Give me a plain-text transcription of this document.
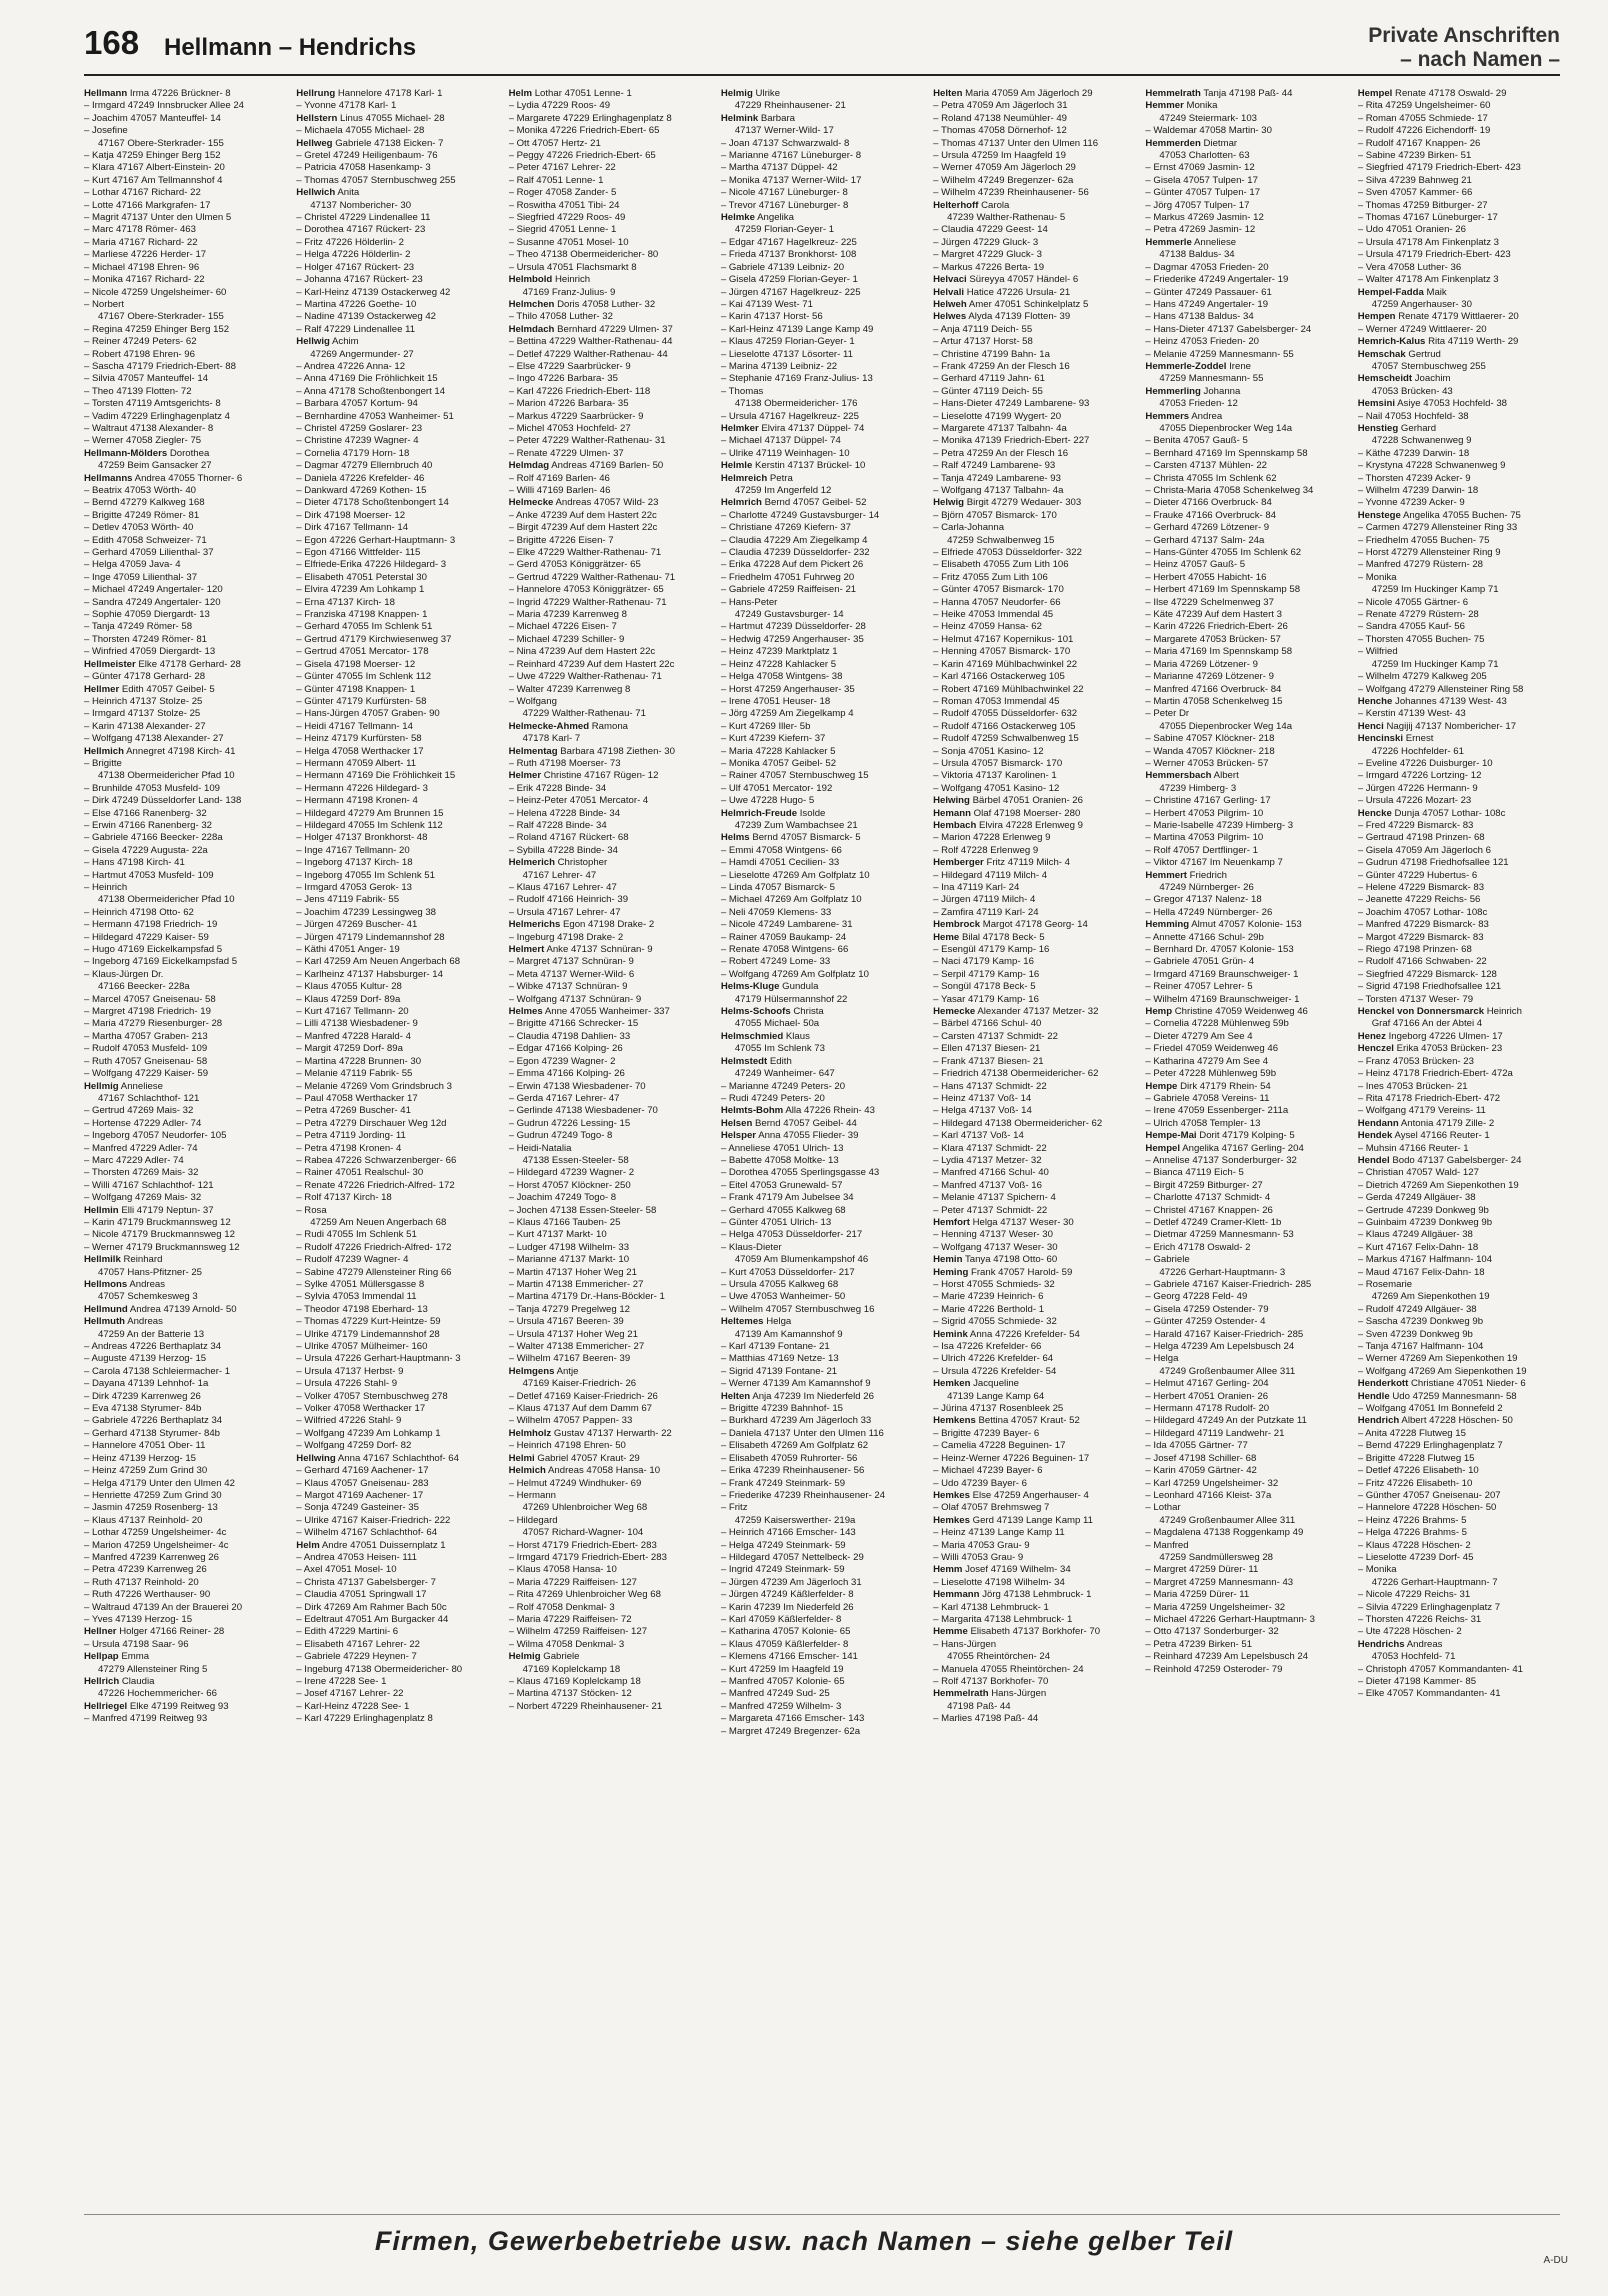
168 Hellmann – Hendrichs	Private Anschriften
– nach Namen –
Hellmann Irma 47226 Brückner- 8
– Irmgard 47249 Innsbrucker Allee 24
– Joachim 47057 Manteuffel- 14
– Josefine
47167 Obere-Sterkrader- 155
– Katja 47259 Ehinger Berg 152
– Klara 47167 Albert-Einstein- 20
– Kurt 47167 Am Tellmannshof 4
– Lothar 47167 Richard- 22
– Lotte 47166 Markgrafen- 17
– Magrit 47137 Unter den Ulmen 5
– Marc 47178 Römer- 463
– Maria 47167 Richard- 22
– Marliese 47226 Herder- 17
– Michael 47198 Ehren- 96
– Monika 47167 Richard- 22
– Nicole 47259 Ungelsheimer- 60
– Norbert
47167 Obere-Sterkrader- 155
– Regina 47259 Ehinger Berg 152
– Reiner 47249 Peters- 62
– Robert 47198 Ehren- 96
– Sascha 47179 Friedrich-Ebert- 88
– Silvia 47057 Manteuffel- 14
– Theo 47139 Flotten- 72
– Torsten 47119 Amtsgerichts- 8
– Vadim 47229 Erlinghagenplatz 4
– Waltraut 47138 Alexander- 8
– Werner 47058 Ziegler- 75
Hellmann-Mölders Dorothea
47259 Beim Gansacker 27
Hellmanns Andrea 47055 Thorner- 6
– Beatrix 47053 Wörth- 40
– Bernd 47279 Kalkweg 168
– Brigitte 47249 Römer- 81
– Detlev 47053 Wörth- 40
– Edith 47058 Schweizer- 71
– Gerhard 47059 Lilienthal- 37
– Helga 47059 Java- 4
– Inge 47059 Lilienthal- 37
– Michael 47249 Angertaler- 120
– Sandra 47249 Angertaler- 120
– Sophie 47059 Diergardt- 13
– Tanja 47249 Römer- 58
– Thorsten 47249 Römer- 81
– Winfried 47059 Diergardt- 13
Hellmeister Elke 47178 Gerhard- 28
– Günter 47178 Gerhard- 28
Hellmer Edith 47057 Geibel- 5
– Heinrich 47137 Stolze- 25
– Irmgard 47137 Stolze- 25
– Karin 47138 Alexander- 27
– Wolfgang 47138 Alexander- 27
Hellmich Annegret 47198 Kirch- 41
– Brigitte
47138 Obermeidericher Pfad 10
– Brunhilde 47053 Musfeld- 109
– Dirk 47249 Düsseldorfer Land- 138
– Else 47166 Ranenberg- 32
– Erwin 47166 Ranenberg- 32
– Gabriele 47166 Beecker- 228a
– Gisela 47229 Augusta- 22a
– Hans 47198 Kirch- 41
– Hartmut 47053 Musfeld- 109
– Heinrich
47138 Obermeidericher Pfad 10
– Heinrich 47198 Otto- 62
– Hermann 47198 Friedrich- 19
– Hildegard 47229 Kaiser- 59
– Hugo 47169 Eickelkampsfad 5
– Ingeborg 47169 Eickelkampsfad 5
– Klaus-Jürgen Dr.
47166 Beecker- 228a
– Marcel 47057 Gneisenau- 58
– Margret 47198 Friedrich- 19
– Maria 47279 Riesenburger- 28
– Martha 47057 Graben- 213
– Rudolf 47053 Musfeld- 109
– Ruth 47057 Gneisenau- 58
– Wolfgang 47229 Kaiser- 59
Hellmig Anneliese
47167 Schlachthof- 121
– Gertrud 47269 Mais- 32
– Hortense 47229 Adler- 74
– Ingeborg 47057 Neudorfer- 105
– Manfred 47229 Adler- 74
– Marc 47229 Adler- 74
– Thorsten 47269 Mais- 32
– Willi 47167 Schlachthof- 121
– Wolfgang 47269 Mais- 32
Hellmin Elli 47179 Neptun- 37
– Karin 47179 Bruckmannsweg 12
– Nicole 47179 Bruckmannsweg 12
– Werner 47179 Bruckmannsweg 12
Hellmilk Reinhard
47057 Hans-Pfitzner- 25
Hellmons Andreas
47057 Schemkesweg 3
Hellmund Andrea 47139 Arnold- 50
Hellmuth Andreas
47259 An der Batterie 13
– Andreas 47226 Berthaplatz 34
– Auguste 47139 Herzog- 15
– Carola 47138 Schleiermacher- 1
– Dayana 47139 Lehnhof- 1a
– Dirk 47239 Karrenweg 26
– Eva 47138 Styrumer- 84b
– Gabriele 47226 Berthaplatz 34
– Gerhard 47138 Styrumer- 84b
– Hannelore 47051 Ober- 11
– Heinz 47139 Herzog- 15
– Heinz 47259 Zum Grind 30
– Helga 47179 Unter den Ulmen 42
– Henriette 47259 Zum Grind 30
– Jasmin 47259 Rosenberg- 13
– Klaus 47137 Reinhold- 20
– Lothar 47259 Ungelsheimer- 4c
– Marion 47259 Ungelsheimer- 4c
– Manfred 47239 Karrenweg 26
– Petra 47239 Karrenweg 26
– Ruth 47137 Reinhold- 20
– Ruth 47226 Werthauser- 90
– Waltraud 47139 An der Brauerei 20
– Yves 47139 Herzog- 15
Hellner Holger 47166 Reiner- 28
– Ursula 47198 Saar- 96
Hellpap Emma
47279 Allensteiner Ring 5
Hellrich Claudia
47226 Hochemmericher- 66
Hellriegel Elke 47199 Reitweg 93
– Manfred 47199 Reitweg 93
Hellrung Hannelore 47178 Karl- 1
– Yvonne 47178 Karl- 1
Hellstern Linus 47055 Michael- 28
– Michaela 47055 Michael- 28
Hellweg Gabriele 47138 Eicken- 7
– Gretel 47249 Heiligenbaum- 76
– Patricia 47058 Hasenkamp- 3
– Thomas 47057 Sternbuschweg 255
Hellwich Anita
47137 Nombericher- 30
– Christel 47229 Lindenallee 11
– Dorothea 47167 Rückert- 23
– Fritz 47226 Hölderlin- 2
– Helga 47226 Hölderlin- 2
– Holger 47167 Rückert- 23
– Johanna 47167 Rückert- 23
– Karl-Heinz 47139 Ostackerweg 42
– Martina 47226 Goethe- 10
– Nadine 47139 Ostackerweg 42
– Ralf 47229 Lindenallee 11
Hellwig Achim
47269 Angermunder- 27
– Andrea 47226 Anna- 12
– Anna 47169 Die Fröhlichkeit 15
– Anna 47178 Schoßtenbongert 14
– Barbara 47057 Kortum- 94
– Bernhardine 47053 Wanheimer- 51
– Christel 47259 Goslarer- 23
– Christine 47239 Wagner- 4
– Cornelia 47179 Horn- 18
– Dagmar 47279 Ellernbruch 40
– Daniela 47226 Krefelder- 46
– Dankward 47269 Kothen- 15
– Dieter 47178 Schoßtenbongert 14
– Dirk 47198 Moerser- 12
– Dirk 47167 Tellmann- 14
– Egon 47226 Gerhart-Hauptmann- 3
– Egon 47166 Wittfelder- 115
– Elfriede-Erika 47226 Hildegard- 3
– Elisabeth 47051 Peterstal 30
– Elvira 47239 Am Lohkamp 1
– Erna 47137 Kirch- 18
– Franziska 47198 Knappen- 1
– Gerhard 47055 Im Schlenk 51
– Gertrud 47179 Kirchwiesenweg 37
– Gertrud 47051 Mercator- 178
– Gisela 47198 Moerser- 12
– Günter 47055 Im Schlenk 112
– Günter 47198 Knappen- 1
– Günter 47179 Kurfürsten- 58
– Hans-Jürgen 47057 Graben- 90
– Heidi 47167 Tellmann- 14
– Heinz 47179 Kurfürsten- 58
– Helga 47058 Werthacker 17
– Hermann 47059 Albert- 11
– Hermann 47169 Die Fröhlichkeit 15
– Hermann 47226 Hildegard- 3
– Hermann 47198 Kronen- 4
– Hildegard 47279 Am Brunnen 15
– Hildegard 47055 Im Schlenk 112
– Holger 47137 Bronkhorst- 48
– Inge 47167 Tellmann- 20
– Ingeborg 47137 Kirch- 18
– Ingeborg 47055 Im Schlenk 51
– Irmgard 47053 Gerok- 13
– Jens 47119 Fabrik- 55
– Joachim 47239 Lessingweg 38
– Jürgen 47269 Buscher- 41
– Jürgen 47179 Lindemannshof 28
– Käthi 47051 Anger- 19
– Karl 47259 Am Neuen Angerbach 68
– Karlheinz 47137 Habsburger- 14
– Klaus 47055 Kultur- 28
– Klaus 47259 Dorf- 89a
– Kurt 47167 Tellmann- 20
– Lilli 47138 Wiesbadener- 9
– Manfred 47228 Harald- 4
– Margit 47259 Dorf- 89a
– Martina 47228 Brunnen- 30
– Melanie 47119 Fabrik- 55
– Melanie 47269 Vom Grindsbruch 3
– Paul 47058 Werthacker 17
– Petra 47269 Buscher- 41
– Petra 47279 Dirschauer Weg 12d
– Petra 47119 Jording- 11
– Petra 47198 Kronen- 4
– Rabea 47226 Schwarzenberger- 66
– Rainer 47051 Realschul- 30
– Renate 47226 Friedrich-Alfred- 172
– Rolf 47137 Kirch- 18
– Rosa
47259 Am Neuen Angerbach 68
– Rudi 47055 Im Schlenk 51
– Rudolf 47226 Friedrich-Alfred- 172
– Rudolf 47239 Wagner- 4
– Sabine 47279 Allensteiner Ring 66
– Sylke 47051 Müllersgasse 8
– Sylvia 47053 Immendal 11
– Theodor 47198 Eberhard- 13
– Thomas 47229 Kurt-Heintze- 59
– Ulrike 47179 Lindemannshof 28
– Ulrike 47057 Mülheimer- 160
– Ursula 47226 Gerhart-Hauptmann- 3
– Ursula 47137 Herbst- 9
– Ursula 47226 Stahl- 9
– Volker 47057 Sternbuschweg 278
– Volker 47058 Werthacker 17
– Wilfried 47226 Stahl- 9
– Wolfgang 47239 Am Lohkamp 1
– Wolfgang 47259 Dorf- 82
Hellwing Anna 47167 Schlachthof- 64
– Gerhard 47169 Aachener- 17
– Klaus 47057 Gneisenau- 283
– Margot 47169 Aachener- 17
– Sonja 47249 Gasteiner- 35
– Ulrike 47167 Kaiser-Friedrich- 222
– Wilhelm 47167 Schlachthof- 64
Helm Andre 47051 Duissernplatz 1
– Andrea 47053 Heisen- 111
– Axel 47051 Mosel- 10
– Christa 47137 Gabelsberger- 7
– Claudia 47051 Springwall 17
– Dirk 47269 Am Rahmer Bach 50c
– Edeltraut 47051 Am Burgacker 44
– Edith 47229 Martini- 6
– Elisabeth 47167 Lehrer- 22
– Gabriele 47229 Heynen- 7
– Ingeburg 47138 Obermeidericher- 80
– Irene 47228 See- 1
– Josef 47167 Lehrer- 22
– Karl-Heinz 47228 See- 1
– Karl 47229 Erlinghagenplatz 8
Helm Lothar 47051 Lenne- 1
– Lydia 47229 Roos- 49
– Margarete 47229 Erlinghagenplatz 8
– Monika 47226 Friedrich-Ebert- 65
– Ott 47057 Hertz- 21
– Peggy 47226 Friedrich-Ebert- 65
– Peter 47167 Lehrer- 22
– Ralf 47051 Lenne- 1
– Roger 47058 Zander- 5
– Roswitha 47051 Tibi- 24
– Siegfried 47229 Roos- 49
– Siegrid 47051 Lenne- 1
– Susanne 47051 Mosel- 10
– Theo 47138 Obermeidericher- 80
– Ursula 47051 Flachsmarkt 8
Helmbold Heinrich
47169 Franz-Julius- 9
Helmchen Doris 47058 Luther- 32
– Thilo 47058 Luther- 32
Helmdach Bernhard 47229 Ulmen- 37
– Bettina 47229 Walther-Rathenau- 44
– Detlef 47229 Walther-Rathenau- 44
– Else 47229 Saarbrücker- 9
– Ingo 47226 Barbara- 35
– Karl 47226 Friedrich-Ebert- 118
– Marion 47226 Barbara- 35
– Markus 47229 Saarbrücker- 9
– Michel 47053 Hochfeld- 27
– Peter 47229 Walther-Rathenau- 31
– Renate 47229 Ulmen- 37
Helmdag Andreas 47169 Barlen- 50
– Rolf 47169 Barlen- 46
– Willi 47169 Barlen- 46
Helmecke Andreas 47057 Wild- 23
– Anke 47239 Auf dem Hastert 22c
– Birgit 47239 Auf dem Hastert 22c
– Brigitte 47226 Eisen- 7
– Elke 47229 Walther-Rathenau- 71
– Gerd 47053 Königgrätzer- 65
– Gertrud 47229 Walther-Rathenau- 71
– Hannelore 47053 Königgrätzer- 65
– Ingrid 47229 Walther-Rathenau- 71
– Maria 47239 Karrenweg 8
– Michael 47226 Eisen- 7
– Michael 47239 Schiller- 9
– Nina 47239 Auf dem Hastert 22c
– Reinhard 47239 Auf dem Hastert 22c
– Uwe 47229 Walther-Rathenau- 71
– Walter 47239 Karrenweg 8
– Wolfgang
47229 Walther-Rathenau- 71
Helmecke-Ahmed Ramona
47178 Karl- 7
Helmentag Barbara 47198 Ziethen- 30
– Ruth 47198 Moerser- 73
Helmer Christine 47167 Rügen- 12
– Erik 47228 Binde- 34
– Heinz-Peter 47051 Mercator- 4
– Helena 47228 Binde- 34
– Ralf 47228 Binde- 34
– Roland 47167 Rückert- 68
– Sybilla 47228 Binde- 34
Helmerich Christopher
47167 Lehrer- 47
– Klaus 47167 Lehrer- 47
– Rudolf 47166 Heinrich- 39
– Ursula 47167 Lehrer- 47
Helmerichs Egon 47198 Drake- 2
– Ingeburg 47198 Drake- 2
Helmert Anke 47137 Schnüran- 9
– Margret 47137 Schnüran- 9
– Meta 47137 Werner-Wild- 6
– Wibke 47137 Schnüran- 9
– Wolfgang 47137 Schnüran- 9
Helmes Anne 47055 Wanheimer- 337
– Brigitte 47166 Schrecker- 15
– Claudia 47198 Dahlien- 33
– Edgar 47166 Kolping- 26
– Egon 47239 Wagner- 2
– Emma 47166 Kolping- 26
– Erwin 47138 Wiesbadener- 70
– Gerda 47167 Lehrer- 47
– Gerlinde 47138 Wiesbadener- 70
– Gudrun 47226 Lessing- 15
– Gudrun 47249 Togo- 8
– Heidi-Natalia
47138 Essen-Steeler- 58
– Hildegard 47239 Wagner- 2
– Horst 47057 Klöckner- 250
– Joachim 47249 Togo- 8
– Jochen 47138 Essen-Steeler- 58
– Klaus 47166 Tauben- 25
– Kurt 47137 Markt- 10
– Ludger 47198 Wilhelm- 33
– Marianne 47137 Markt- 10
– Martin 47137 Hoher Weg 21
– Martin 47138 Emmericher- 27
– Martina 47179 Dr.-Hans-Böckler- 1
– Tanja 47279 Pregelweg 12
– Ursula 47167 Beeren- 39
– Ursula 47137 Hoher Weg 21
– Walter 47138 Emmericher- 27
– Wilhelm 47167 Beeren- 39
Helmgens Antje
47169 Kaiser-Friedrich- 26
– Detlef 47169 Kaiser-Friedrich- 26
– Klaus 47137 Auf dem Damm 67
– Wilhelm 47057 Pappen- 33
Helmholz Gustav 47137 Herwarth- 22
– Heinrich 47198 Ehren- 50
Helmi Gabriel 47057 Kraut- 29
Helmich Andreas 47058 Hansa- 10
– Helmut 47249 Windhuker- 69
– Hermann
47269 Uhlenbroicher Weg 68
– Hildegard
47057 Richard-Wagner- 104
– Horst 47179 Friedrich-Ebert- 283
– Irmgard 47179 Friedrich-Ebert- 283
– Klaus 47058 Hansa- 10
– Maria 47229 Raiffeisen- 127
– Rita 47269 Uhlenbroicher Weg 68
– Rolf 47058 Denkmal- 3
– Maria 47229 Raiffeisen- 72
– Wilhelm 47259 Raiffeisen- 127
– Wilma 47058 Denkmal- 3
Helmig Gabriele
47169 Koplelckamp 18
– Klaus 47169 Koplelckamp 18
– Martina 47137 Stöcken- 12
– Norbert 47229 Rheinhausener- 21
Helmig Ulrike
47229 Rheinhausener- 21
Helmink Barbara
47137 Werner-Wild- 17
– Joan 47137 Schwarzwald- 8
– Marianne 47167 Lüneburger- 8
– Martha 47137 Düppel- 42
– Monika 47137 Werner-Wild- 17
– Nicole 47167 Lüneburger- 8
– Trevor 47167 Lüneburger- 8
Helmke Angelika
47259 Florian-Geyer- 1
– Edgar 47167 Hagelkreuz- 225
– Frieda 47137 Bronkhorst- 108
– Gabriele 47139 Leibniz- 20
– Gisela 47259 Florian-Geyer- 1
– Jürgen 47167 Hagelkreuz- 225
– Kai 47139 West- 71
– Karin 47137 Horst- 56
– Karl-Heinz 47139 Lange Kamp 49
– Klaus 47259 Florian-Geyer- 1
– Lieselotte 47137 Lösorter- 11
– Marina 47139 Leibniz- 22
– Stephanie 47169 Franz-Julius- 13
– Thomas
47138 Obermeidericher- 176
– Ursula 47167 Hagelkreuz- 225
Helmker Elvira 47137 Düppel- 74
– Michael 47137 Düppel- 74
– Ulrike 47119 Weinhagen- 10
Helmle Kerstin 47137 Brückel- 10
Helmreich Petra
47259 Im Angerfeld 12
Helmrich Bernd 47057 Geibel- 52
– Charlotte 47249 Gustavsburger- 14
– Christiane 47269 Kiefern- 37
– Claudia 47229 Am Ziegelkamp 4
– Claudia 47239 Düsseldorfer- 232
– Erika 47228 Auf dem Pickert 26
– Friedhelm 47051 Fuhrweg 20
– Gabriele 47259 Raiffeisen- 21
– Hans-Peter
47249 Gustavsburger- 14
– Hartmut 47239 Düsseldorfer- 28
– Hedwig 47259 Angerhauser- 35
– Heinz 47239 Marktplatz 1
– Heinz 47228 Kahlacker 5
– Helga 47058 Wintgens- 38
– Horst 47259 Angerhauser- 35
– Irene 47051 Heuser- 18
– Jörg 47259 Am Ziegelkamp 4
– Kurt 47269 Iller- 5b
– Kurt 47239 Kiefern- 37
– Maria 47228 Kahlacker 5
– Monika 47057 Geibel- 52
– Rainer 47057 Sternbuschweg 15
– Ulf 47051 Mercator- 192
– Uwe 47228 Hugo- 5
Helmrich-Freude Isolde
47239 Zum Wambachsee 21
Helms Bernd 47057 Bismarck- 5
– Emmi 47058 Wintgens- 66
– Hamdi 47051 Cecilien- 33
– Lieselotte 47269 Am Golfplatz 10
– Linda 47057 Bismarck- 5
– Michael 47269 Am Golfplatz 10
– Neli 47059 Klemens- 33
– Nicole 47249 Lambarene- 31
– Rainer 47059 Baukamp- 24
– Renate 47058 Wintgens- 66
– Robert 47249 Lome- 33
– Wolfgang 47269 Am Golfplatz 10
Helms-Kluge Gundula
47179 Hülsermannshof 22
Helms-Schoofs Christa
47055 Michael- 50a
Helmschmied Klaus
47055 Im Schlenk 73
Helmstedt Edith
47249 Wanheimer- 647
– Marianne 47249 Peters- 20
– Rudi 47249 Peters- 20
Helmts-Bohm Alla 47226 Rhein- 43
Helsen Bernd 47057 Geibel- 44
Helsper Anna 47055 Flieder- 39
– Anneliese 47051 Ulrich- 13
– Babette 47058 Moltke- 13
– Dorothea 47055 Sperlingsgasse 43
– Eitel 47053 Grunewald- 57
– Frank 47179 Am Jubelsee 34
– Gerhard 47055 Kalkweg 68
– Günter 47051 Ulrich- 13
– Helga 47053 Düsseldorfer- 217
– Klaus-Dieter
47059 Am Blumenkampshof 46
– Kurt 47053 Düsseldorfer- 217
– Ursula 47055 Kalkweg 68
– Uwe 47053 Wanheimer- 50
– Wilhelm 47057 Sternbuschweg 16
Heltemes Helga
47139 Am Kamannshof 9
– Karl 47139 Fontane- 21
– Matthias 47169 Netze- 13
– Sigrid 47139 Fontane- 21
– Werner 47139 Am Kamannshof 9
Helten Anja 47239 Im Niederfeld 26
– Brigitte 47239 Bahnhof- 15
– Burkhard 47239 Am Jägerloch 33
– Daniela 47137 Unter den Ulmen 116
– Elisabeth 47269 Am Golfplatz 62
– Elisabeth 47059 Ruhrorter- 56
– Erika 47239 Rheinhausener- 56
– Frank 47249 Steinmark- 59
– Friederike 47239 Rheinhausener- 24
– Fritz
47259 Kaiserswerther- 219a
– Heinrich 47166 Emscher- 143
– Helga 47249 Steinmark- 59
– Hildegard 47057 Nettelbeck- 29
– Ingrid 47249 Steinmark- 59
– Jürgen 47239 Am Jägerloch 31
– Jürgen 47249 Käßlerfelder- 8
– Karin 47239 Im Niederfeld 26
– Karl 47059 Käßlerfelder- 8
– Katharina 47057 Kolonie- 65
– Klaus 47059 Käßlerfelder- 8
– Klemens 47166 Emscher- 141
– Kurt 47259 Im Haagfeld 19
– Manfred 47057 Kolonie- 65
– Manfred 47249 Sud- 25
– Manfred 47259 Wilhelm- 3
– Margareta 47166 Emscher- 143
– Margret 47249 Bregenzer- 62a
Helten Maria 47059 Am Jägerloch 29
– Petra 47059 Am Jägerloch 31
– Roland 47138 Neumühler- 49
– Thomas 47058 Dörnerhof- 12
– Thomas 47137 Unter den Ulmen 116
– Ursula 47259 Im Haagfeld 19
– Werner 47059 Am Jägerloch 29
– Wilhelm 47249 Bregenzer- 62a
– Wilhelm 47239 Rheinhausener- 56
Helterhoff Carola
47239 Walther-Rathenau- 5
– Claudia 47229 Geest- 14
– Jürgen 47229 Gluck- 3
– Margret 47229 Gluck- 3
– Markus 47226 Berta- 19
Helvaci Süreyya 47057 Händel- 6
Helvali Hatice 47226 Ursula- 21
Helweh Amer 47051 Schinkelplatz 5
Helwes Alyda 47139 Flotten- 39
– Anja 47119 Deich- 55
– Artur 47137 Horst- 58
– Christine 47199 Bahn- 1a
– Frank 47259 An der Flesch 16
– Gerhard 47119 Jahn- 61
– Günter 47119 Deich- 55
– Hans-Dieter 47249 Lambarene- 93
– Lieselotte 47199 Wygert- 20
– Margarete 47137 Talbahn- 4a
– Monika 47139 Friedrich-Ebert- 227
– Petra 47259 An der Flesch 16
– Ralf 47249 Lambarene- 93
– Tanja 47249 Lambarene- 93
– Wolfgang 47137 Talbahn- 4a
Helwig Birgit 47279 Wedauer- 303
– Björn 47057 Bismarck- 170
– Carla-Johanna
47259 Schwalbenweg 15
– Elfriede 47053 Düsseldorfer- 322
– Elisabeth 47055 Zum Lith 106
– Fritz 47055 Zum Lith 106
– Günter 47057 Bismarck- 170
– Hanna 47057 Neudorfer- 66
– Heike 47053 Immendal 45
– Heinz 47059 Hansa- 62
– Helmut 47167 Kopernikus- 101
– Henning 47057 Bismarck- 170
– Karin 47169 Mühlbachwinkel 22
– Karl 47166 Ostackerweg 105
– Robert 47169 Mühlbachwinkel 22
– Roman 47053 Immendal 45
– Rudolf 47055 Düsseldorfer- 632
– Rudolf 47166 Ostackerweg 105
– Rudolf 47259 Schwalbenweg 15
– Sonja 47051 Kasino- 12
– Ursula 47057 Bismarck- 170
– Viktoria 47137 Karolinen- 1
– Wolfgang 47051 Kasino- 12
Helwing Bärbel 47051 Oranien- 26
Hemann Olaf 47198 Moerser- 280
Hembach Elvira 47228 Erlenweg 9
– Marion 47228 Erlenweg 9
– Rolf 47228 Erlenweg 9
Hemberger Fritz 47119 Milch- 4
– Hildegard 47119 Milch- 4
– Ina 47119 Karl- 24
– Jürgen 47119 Milch- 4
– Zamfira 47119 Karl- 24
Hembrock Margot 47178 Georg- 14
Heme Bilal 47178 Beck- 5
– Esengül 47179 Kamp- 16
– Naci 47179 Kamp- 16
– Serpil 47179 Kamp- 16
– Songül 47178 Beck- 5
– Yasar 47179 Kamp- 16
Hemecke Alexander 47137 Metzer- 32
– Bärbel 47166 Schul- 40
– Carsten 47137 Schmidt- 22
– Ellen 47137 Biesen- 21
– Frank 47137 Biesen- 21
– Friedrich 47138 Obermeidericher- 62
– Hans 47137 Schmidt- 22
– Heinz 47137 Voß- 14
– Helga 47137 Voß- 14
– Hildegard 47138 Obermeidericher- 62
– Karl 47137 Voß- 14
– Klara 47137 Schmidt- 22
– Lydia 47137 Metzer- 32
– Manfred 47166 Schul- 40
– Manfred 47137 Voß- 16
– Melanie 47137 Spichern- 4
– Peter 47137 Schmidt- 22
Hemfort Helga 47137 Weser- 30
– Henning 47137 Weser- 30
– Wolfgang 47137 Weser- 30
Hemin Tanya 47198 Otto- 60
Heming Frank 47057 Harold- 59
– Horst 47055 Schmieds- 32
– Marie 47239 Heinrich- 6
– Marie 47226 Berthold- 1
– Sigrid 47055 Schmiede- 32
Hemink Anna 47226 Krefelder- 54
– Isa 47226 Krefelder- 66
– Ulrich 47226 Krefelder- 64
– Ursula 47226 Krefelder- 54
Hemken Jacqueline
47139 Lange Kamp 64
– Jürina 47137 Rosenbleek 25
Hemkens Bettina 47057 Kraut- 52
– Brigitte 47239 Bayer- 6
– Camelia 47228 Beguinen- 17
– Heinz-Werner 47226 Beguinen- 17
– Michael 47239 Bayer- 6
– Udo 47239 Bayer- 6
Hemkes Else 47259 Angerhauser- 4
– Olaf 47057 Brehmsweg 7
Hemkes Gerd 47139 Lange Kamp 11
– Heinz 47139 Lange Kamp 11
– Maria 47053 Grau- 9
– Willi 47053 Grau- 9
Hemm Josef 47169 Wilhelm- 34
– Lieselotte 47198 Wilhelm- 34
Hemmann Jörg 47138 Lehmbruck- 1
– Karl 47138 Lehmbruck- 1
– Margarita 47138 Lehmbruck- 1
Hemme Elisabeth 47137 Borkhofer- 70
– Hans-Jürgen
47055 Rheintörchen- 24
– Manuela 47055 Rheintörchen- 24
– Rolf 47137 Borkhofer- 70
Hemmelrath Hans-Jürgen
47198 Paß- 44
– Marlies 47198 Paß- 44
Hemmelrath Tanja 47198 Paß- 44
Hemmer Monika
47249 Steiermark- 103
– Waldemar 47058 Martin- 30
Hemmerden Dietmar
47053 Charlotten- 63
– Ernst 47069 Jasmin- 12
– Gisela 47057 Tulpen- 17
– Günter 47057 Tulpen- 17
– Jörg 47057 Tulpen- 17
– Markus 47269 Jasmin- 12
– Petra 47269 Jasmin- 12
Hemmerle Anneliese
47138 Baldus- 34
– Dagmar 47053 Frieden- 20
– Friederike 47249 Angertaler- 19
– Günter 47249 Passauer- 61
– Hans 47249 Angertaler- 19
– Hans 47138 Baldus- 34
– Hans-Dieter 47137 Gabelsberger- 24
– Heinz 47053 Frieden- 20
– Melanie 47259 Mannesmann- 55
Hemmerle-Zoddel Irene
47259 Mannesmann- 55
Hemmerling Johanna
47053 Frieden- 12
Hemmers Andrea
47055 Diepenbrocker Weg 14a
– Benita 47057 Gauß- 5
– Bernhard 47169 Im Spennskamp 58
– Carsten 47137 Mühlen- 22
– Christa 47055 Im Schlenk 62
– Christa-Maria 47058 Schenkelweg 34
– Dieter 47166 Overbruck- 84
– Frauke 47166 Overbruck- 84
– Gerhard 47269 Lötzener- 9
– Gerhard 47137 Salm- 24a
– Hans-Günter 47055 Im Schlenk 62
– Heinz 47057 Gauß- 5
– Herbert 47055 Habicht- 16
– Herbert 47169 Im Spennskamp 58
– Ilse 47229 Schelmenweg 37
– Käte 47239 Auf dem Hastert 3
– Karin 47226 Friedrich-Ebert- 26
– Margarete 47053 Brücken- 57
– Maria 47169 Im Spennskamp 58
– Maria 47269 Lötzener- 9
– Marianne 47269 Lötzener- 9
– Manfred 47166 Overbruck- 84
– Martin 47058 Schenkelweg 15
– Peter Dr
47055 Diepenbrocker Weg 14a
– Sabine 47057 Klöckner- 218
– Wanda 47057 Klöckner- 218
– Werner 47053 Brücken- 57
Hemmersbach Albert
47239 Himberg- 3
– Christine 47167 Gerling- 17
– Herbert 47053 Pilgrim- 10
– Marie-Isabelle 47239 Himberg- 3
– Martina 47053 Pilgrim- 10
– Rolf 47057 Dertflinger- 1
– Viktor 47167 Im Neuenkamp 7
Hemmert Friedrich
47249 Nürnberger- 26
– Gregor 47137 Nalenz- 18
– Hella 47249 Nürnberger- 26
Hemming Almut 47057 Kolonie- 153
– Annette 47166 Schul- 29b
– Bernhard Dr. 47057 Kolonie- 153
– Gabriele 47051 Grün- 4
– Irmgard 47169 Braunschweiger- 1
– Reiner 47057 Lehrer- 5
– Wilhelm 47169 Braunschweiger- 1
Hemp Christine 47059 Weidenweg 46
– Cornelia 47228 Mühlenweg 59b
– Dieter 47279 Am See 4
– Friedel 47059 Weidenweg 46
– Katharina 47279 Am See 4
– Peter 47228 Mühlenweg 59b
Hempe Dirk 47179 Rhein- 54
– Gabriele 47058 Vereins- 11
– Irene 47059 Essenberger- 211a
– Ulrich 47058 Templer- 13
Hempe-Mai Dorit 47179 Kolping- 5
Hempel Angelika 47167 Gerling- 204
– Annelise 47137 Sonderburger- 32
– Bianca 47119 Eich- 5
– Birgit 47259 Bitburger- 27
– Charlotte 47137 Schmidt- 4
– Christel 47167 Knappen- 26
– Detlef 47249 Cramer-Klett- 1b
– Dietmar 47259 Mannesmann- 53
– Erich 47178 Oswald- 2
– Gabriele
47226 Gerhart-Hauptmann- 3
– Gabriele 47167 Kaiser-Friedrich- 285
– Georg 47228 Feld- 49
– Gisela 47259 Ostender- 79
– Günter 47259 Ostender- 4
– Harald 47167 Kaiser-Friedrich- 285
– Helga 47239 Am Lepelsbusch 24
– Helga
47249 Großenbaumer Allee 311
– Helmut 47167 Gerling- 204
– Herbert 47051 Oranien- 26
– Hermann 47178 Rudolf- 20
– Hildegard 47249 An der Putzkate 11
– Hildegard 47119 Landwehr- 21
– Ida 47055 Gärtner- 77
– Josef 47198 Schiller- 68
– Karin 47059 Gärtner- 42
– Karl 47259 Ungelsheimer- 32
– Leonhard 47166 Kleist- 37a
– Lothar
47249 Großenbaumer Allee 311
– Magdalena 47138 Roggenkamp 49
– Manfred
47259 Sandmüllersweg 28
– Margret 47259 Dürer- 11
– Margret 47259 Mannesmann- 43
– Maria 47259 Dürer- 11
– Maria 47259 Ungelsheimer- 32
– Michael 47226 Gerhart-Hauptmann- 3
– Otto 47137 Sonderburger- 32
– Petra 47239 Birken- 51
– Reinhard 47239 Am Lepelsbusch 24
– Reinhold 47259 Osteroder- 79
Hempel Renate 47178 Oswald- 29
– Rita 47259 Ungelsheimer- 60
– Roman 47055 Schmiede- 17
– Rudolf 47226 Eichendorff- 19
– Rudolf 47167 Knappen- 26
– Sabine 47239 Birken- 51
– Siegfried 47179 Friedrich-Ebert- 423
– Silva 47239 Bahnweg 21
– Sven 47057 Kammer- 66
– Thomas 47259 Bitburger- 27
– Thomas 47167 Lüneburger- 17
– Udo 47051 Oranien- 26
– Ursula 47178 Am Finkenplatz 3
– Ursula 47179 Friedrich-Ebert- 423
– Vera 47058 Luther- 36
– Walter 47178 Am Finkenplatz 3
Hempel-Fadda Maik
47259 Angerhauser- 30
Hempen Renate 47179 Wittlaerer- 20
– Werner 47249 Wittlaerer- 20
Hemrich-Kalus Rita 47119 Werth- 29
Hemschak Gertrud
47057 Sternbuschweg 255
Hemscheidt Joachim
47053 Brücken- 43
Hemsini Asiye 47053 Hochfeld- 38
– Nail 47053 Hochfeld- 38
Henstieg Gerhard
47228 Schwanenweg 9
– Käthe 47239 Darwin- 18
– Krystyna 47228 Schwanenweg 9
– Thorsten 47239 Acker- 9
– Wilhelm 47239 Darwin- 18
– Yvonne 47239 Acker- 9
Henstege Angelika 47055 Buchen- 75
– Carmen 47279 Allensteiner Ring 33
– Friedhelm 47055 Buchen- 75
– Horst 47279 Allensteiner Ring 9
– Manfred 47279 Rüstern- 28
– Monika
47259 Im Huckinger Kamp 71
– Nicole 47055 Gärtner- 6
– Renate 47279 Rüstern- 28
– Sandra 47055 Kauf- 56
– Thorsten 47055 Buchen- 75
– Wilfried
47259 Im Huckinger Kamp 71
– Wilhelm 47279 Kalkweg 205
– Wolfgang 47279 Allensteiner Ring 58
Henche Johannes 47139 West- 43
– Kerstin 47139 West- 43
Henci Nagijij 47137 Nombericher- 17
Hencinski Ernest
47226 Hochfelder- 61
– Eveline 47226 Duisburger- 10
– Irmgard 47226 Lortzing- 12
– Jürgen 47226 Hermann- 9
– Ursula 47226 Mozart- 23
Hencke Dunja 47057 Lothar- 108c
– Fred 47229 Bismarck- 83
– Gertraud 47198 Prinzen- 68
– Gisela 47059 Am Jägerloch 6
– Gudrun 47198 Friedhofsallee 121
– Günter 47229 Hubertus- 6
– Helene 47229 Bismarck- 83
– Jeanette 47229 Reichs- 56
– Joachim 47057 Lothar- 108c
– Manfred 47229 Bismarck- 83
– Margot 47229 Bismarck- 83
– Riego 47198 Prinzen- 68
– Rudolf 47166 Schwaben- 22
– Siegfried 47229 Bismarck- 128
– Sigrid 47198 Friedhofsallee 121
– Torsten 47137 Weser- 79
Henckel von Donnersmarck Heinrich
Graf 47166 An der Abtei 4
Henez Ingeborg 47226 Ulmen- 17
Henczel Erika 47053 Brücken- 23
– Franz 47053 Brücken- 23
– Heinz 47178 Friedrich-Ebert- 472a
– Ines 47053 Brücken- 21
– Rita 47178 Friedrich-Ebert- 472
– Wolfgang 47179 Vereins- 11
Hendann Antonia 47179 Zille- 2
Hendek Aysel 47166 Reuter- 1
– Muhsin 47166 Reuter- 1
Hendel Bodo 47137 Gabelsberger- 24
– Christian 47057 Wald- 127
– Dietrich 47269 Am Siepenkothen 19
– Gerda 47249 Allgäuer- 38
– Gertrude 47239 Donkweg 9b
– Guinbaim 47239 Donkweg 9b
– Klaus 47249 Allgäuer- 38
– Kurt 47167 Felix-Dahn- 18
– Markus 47167 Halfmann- 104
– Maud 47167 Felix-Dahn- 18
– Rosemarie
47269 Am Siepenkothen 19
– Rudolf 47249 Allgäuer- 38
– Sascha 47239 Donkweg 9b
– Sven 47239 Donkweg 9b
– Tanja 47167 Halfmann- 104
– Werner 47269 Am Siepenkothen 19
– Wolfgang 47269 Am Siepenkothen 19
Henderkott Christiane 47051 Nieder- 6
Hendle Udo 47259 Mannesmann- 58
– Wolfgang 47051 Im Bonnefeld 2
Hendrich Albert 47228 Höschen- 50
– Anita 47228 Flutweg 15
– Bernd 47229 Erlinghagenplatz 7
– Brigitte 47228 Flutweg 15
– Detlef 47226 Elisabeth- 10
– Fritz 47226 Elisabeth- 10
– Günther 47057 Gneisenau- 207
– Hannelore 47228 Höschen- 50
– Heinz 47226 Brahms- 5
– Helga 47226 Brahms- 5
– Klaus 47228 Höschen- 2
– Lieselotte 47239 Dorf- 45
– Monika
47226 Gerhart-Hauptmann- 7
– Nicole 47229 Reichs- 31
– Silvia 47229 Erlinghagenplatz 7
– Thorsten 47226 Reichs- 31
– Ute 47228 Höschen- 2
Hendrichs Andreas
47053 Hochfeld- 71
– Christoph 47057 Kommandanten- 41
– Dieter 47198 Kammer- 85
– Elke 47057 Kommandanten- 41
Firmen, Gewerbebetriebe usw. nach Namen – siehe gelber Teil
A-DU
